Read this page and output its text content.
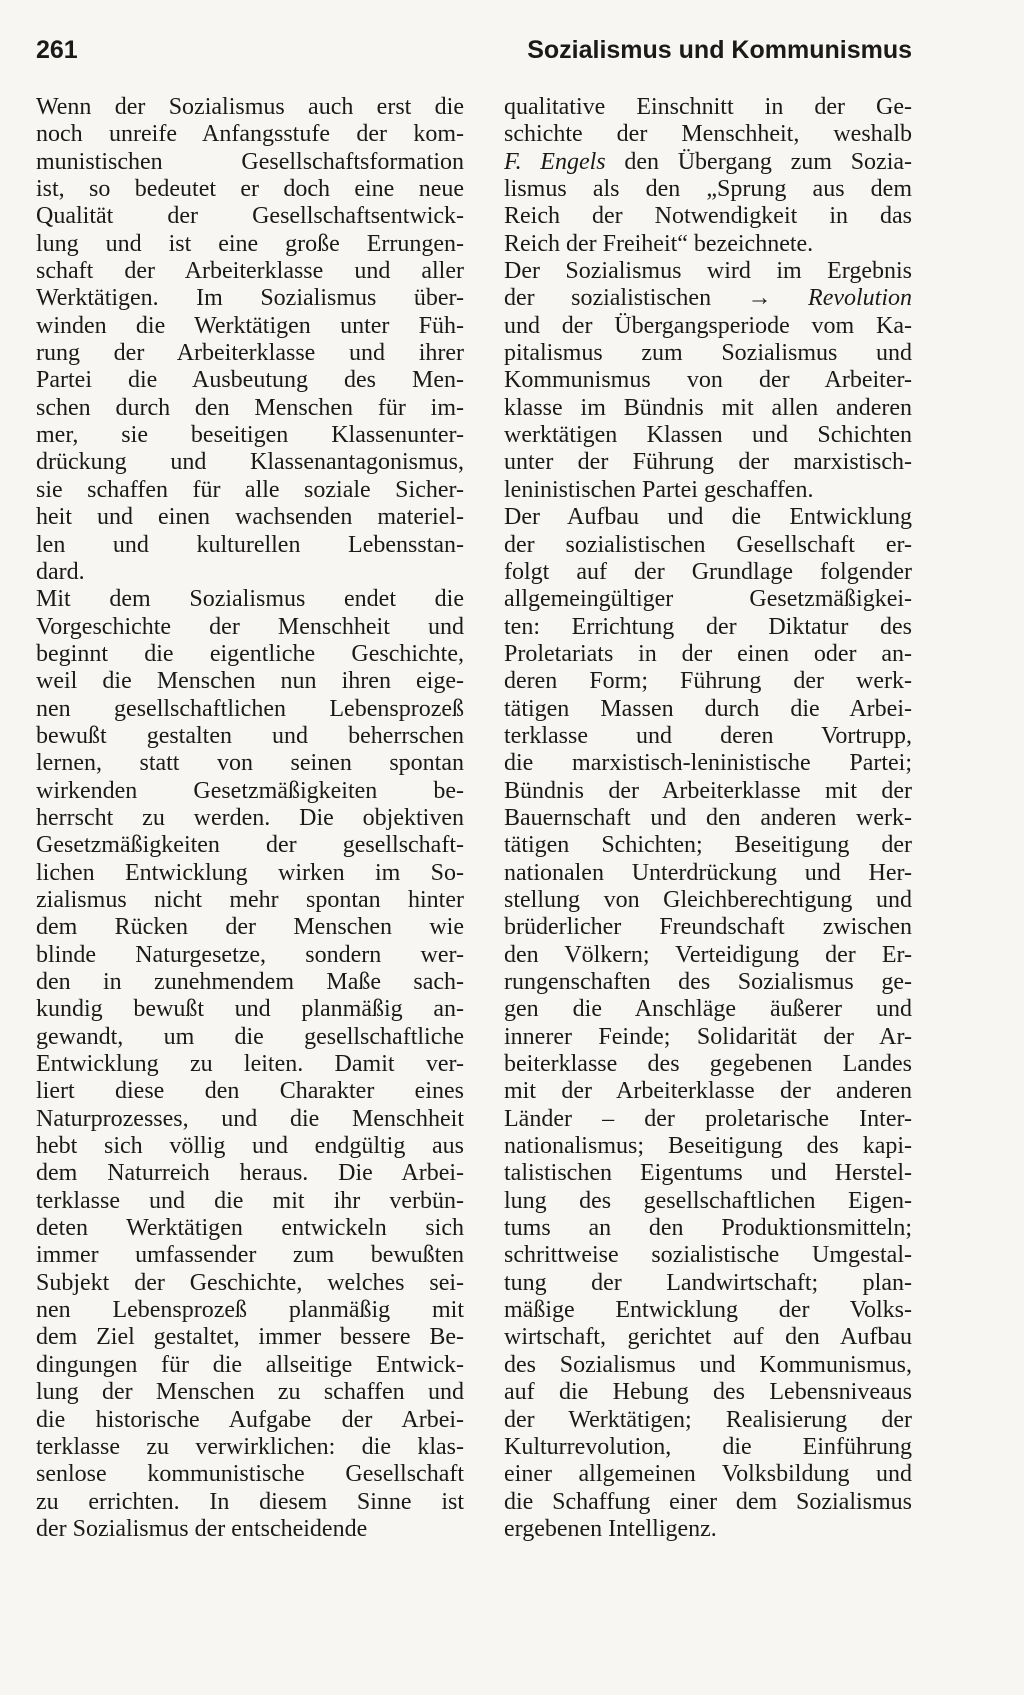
261	Sozialismus und Kommunismus
Wenn der Sozialismus auch erst die
noch unreife Anfangsstufe der kom-
munistischen Gesellschaftsformation
ist, so bedeutet er doch eine neue
Qualität der Gesellschaftsentwick-
lung und ist eine große Errungen-
schaft der Arbeiterklasse und aller
Werktätigen. Im Sozialismus über-
winden die Werktätigen unter Füh-
rung der Arbeiterklasse und ihrer
Partei die Ausbeutung des Men-
schen durch den Menschen für im-
mer, sie beseitigen Klassenunter-
drückung und Klassenantagonismus,
sie schaffen für alle soziale Sicher-
heit und einen wachsenden materiel-
len und kulturellen Lebensstan-
dard.
Mit dem Sozialismus endet die
Vorgeschichte der Menschheit und
beginnt die eigentliche Geschichte,
weil die Menschen nun ihren eige-
nen gesellschaftlichen Lebensprozeß
bewußt gestalten und beherrschen
lernen, statt von seinen spontan
wirkenden Gesetzmäßigkeiten be-
herrscht zu werden. Die objektiven
Gesetzmäßigkeiten der gesellschaft-
lichen Entwicklung wirken im So-
zialismus nicht mehr spontan hinter
dem Rücken der Menschen wie
blinde Naturgesetze, sondern wer-
den in zunehmendem Maße sach-
kundig bewußt und planmäßig an-
gewandt, um die gesellschaftliche
Entwicklung zu leiten. Damit ver-
liert diese den Charakter eines
Naturprozesses, und die Menschheit
hebt sich völlig und endgültig aus
dem Naturreich heraus. Die Arbei-
terklasse und die mit ihr verbün-
deten Werktätigen entwickeln sich
immer umfassender zum bewußten
Subjekt der Geschichte, welches sei-
nen Lebensprozeß planmäßig mit
dem Ziel gestaltet, immer bessere Be-
dingungen für die allseitige Entwick-
lung der Menschen zu schaffen und
die historische Aufgabe der Arbei-
terklasse zu verwirklichen: die klas-
senlose kommunistische Gesellschaft
zu errichten. In diesem Sinne ist
der Sozialismus der entscheidende
qualitative Einschnitt in der Ge-
schichte der Menschheit, weshalb
F. Engels den Übergang zum Sozia-
lismus als den „Sprung aus dem
Reich der Notwendigkeit in das
Reich der Freiheit“ bezeichnete.
Der Sozialismus wird im Ergebnis
der sozialistischen → Revolution
und der Übergangsperiode vom Ka-
pitalismus zum Sozialismus und
Kommunismus von der Arbeiter-
klasse im Bündnis mit allen anderen
werktätigen Klassen und Schichten
unter der Führung der marxistisch-
leninistischen Partei geschaffen.
Der Aufbau und die Entwicklung
der sozialistischen Gesellschaft er-
folgt auf der Grundlage folgender
allgemeingültiger Gesetzmäßigkei-
ten: Errichtung der Diktatur des
Proletariats in der einen oder an-
deren Form; Führung der werk-
tätigen Massen durch die Arbei-
terklasse und deren Vortrupp,
die marxistisch-leninistische Partei;
Bündnis der Arbeiterklasse mit der
Bauernschaft und den anderen werk-
tätigen Schichten; Beseitigung der
nationalen Unterdrückung und Her-
stellung von Gleichberechtigung und
brüderlicher Freundschaft zwischen
den Völkern; Verteidigung der Er-
rungenschaften des Sozialismus ge-
gen die Anschläge äußerer und
innerer Feinde; Solidarität der Ar-
beiterklasse des gegebenen Landes
mit der Arbeiterklasse der anderen
Länder – der proletarische Inter-
nationalismus; Beseitigung des kapi-
talistischen Eigentums und Herstel-
lung des gesellschaftlichen Eigen-
tums an den Produktionsmitteln;
schrittweise sozialistische Umgestal-
tung der Landwirtschaft; plan-
mäßige Entwicklung der Volks-
wirtschaft, gerichtet auf den Aufbau
des Sozialismus und Kommunismus,
auf die Hebung des Lebensniveaus
der Werktätigen; Realisierung der
Kulturrevolution, die Einführung
einer allgemeinen Volksbildung und
die Schaffung einer dem Sozialismus
ergebenen Intelligenz.
